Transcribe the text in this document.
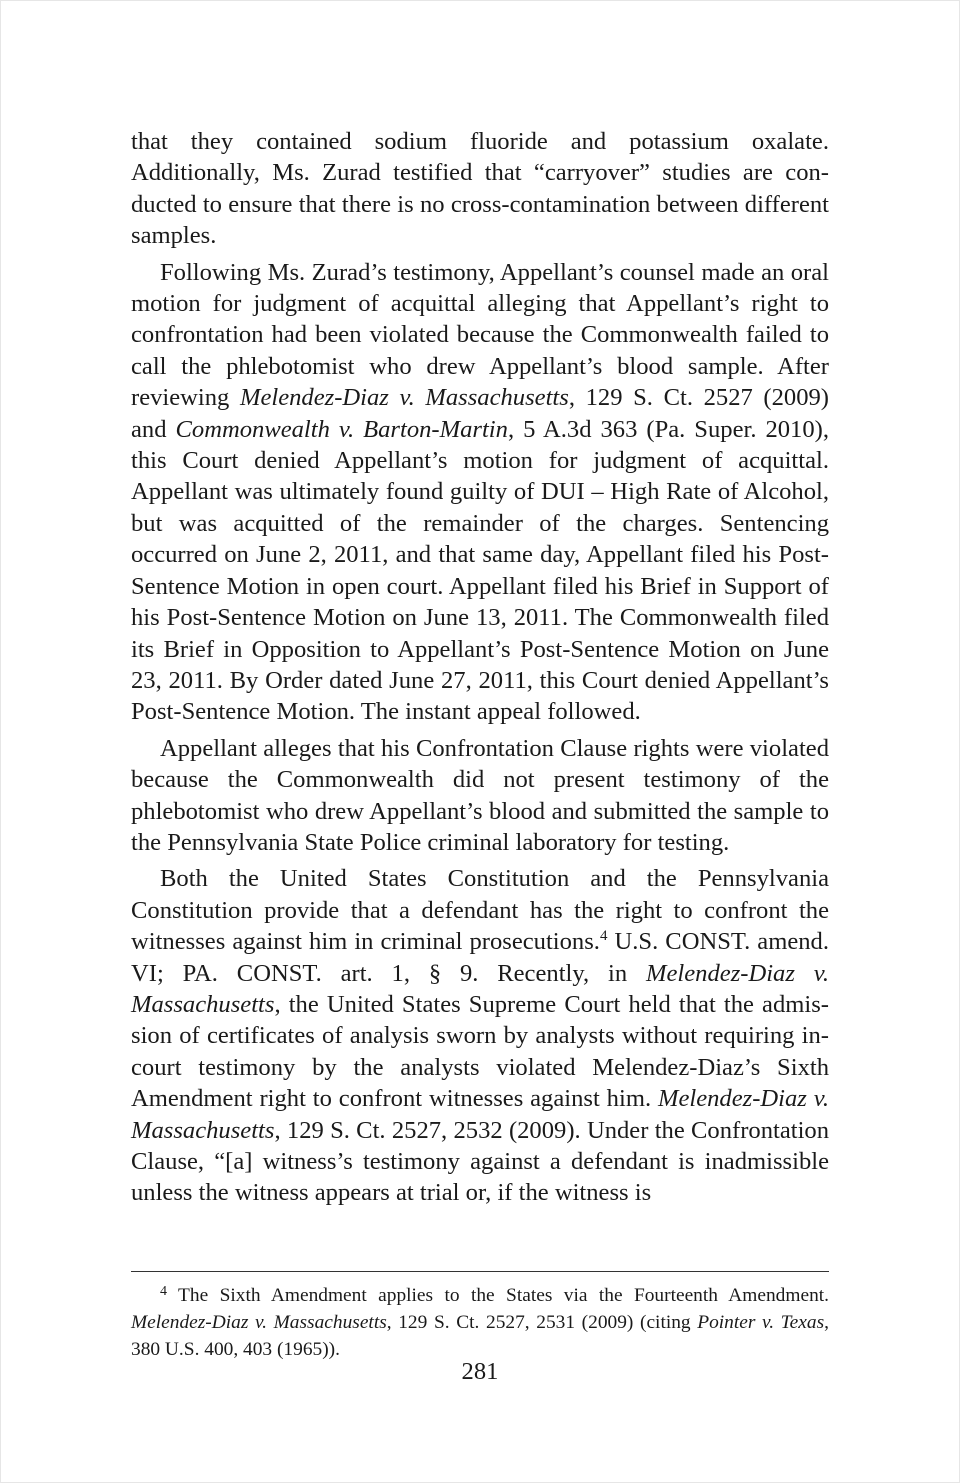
that they contained sodium fluoride and potassium oxalate. Additionally, Ms. Zurad testified that “carryover” studies are conducted to ensure that there is no cross-contamination between different samples.

Following Ms. Zurad’s testimony, Appellant’s counsel made an oral motion for judgment of acquittal alleging that Appellant’s right to confrontation had been violated because the Commonwealth failed to call the phlebotomist who drew Appellant’s blood sample. After reviewing Melendez-Diaz v. Massachusetts, 129 S. Ct. 2527 (2009) and Commonwealth v. Barton-Martin, 5 A.3d 363 (Pa. Super. 2010), this Court denied Appellant’s motion for judgment of acquittal. Appellant was ultimately found guilty of DUI – High Rate of Alcohol, but was acquitted of the remainder of the charges. Sentencing occurred on June 2, 2011, and that same day, Appellant filed his Post-Sentence Motion in open court. Appellant filed his Brief in Support of his Post-Sentence Motion on June 13, 2011. The Commonwealth filed its Brief in Opposition to Appellant’s Post-Sentence Motion on June 23, 2011. By Order dated June 27, 2011, this Court denied Appellant’s Post-Sentence Motion. The instant appeal followed.

Appellant alleges that his Confrontation Clause rights were violated because the Commonwealth did not present testimony of the phlebotomist who drew Appellant’s blood and submitted the sample to the Pennsylvania State Police criminal laboratory for testing.

Both the United States Constitution and the Pennsylvania Constitution provide that a defendant has the right to confront the witnesses against him in criminal prosecutions.$^4$ U.S. CONST. amend. VI; PA. CONST. art. 1, § 9. Recently, in Melendez-Diaz v. Massachusetts, the United States Supreme Court held that the admission of certificates of analysis sworn by analysts without requiring in-court testimony by the analysts violated Melendez-Diaz’s Sixth Amendment right to confront witnesses against him. Melendez-Diaz v. Massachusetts, 129 S. Ct. 2527, 2532 (2009). Under the Confrontation Clause, “[a] witness’s testimony against a defendant is inadmissible unless the witness appears at trial or, if the witness is

$^4$ The Sixth Amendment applies to the States via the Fourteenth Amendment. Melendez-Diaz v. Massachusetts, 129 S. Ct. 2527, 2531 (2009) (citing Pointer v. Texas, 380 U.S. 400, 403 (1965)).

281
